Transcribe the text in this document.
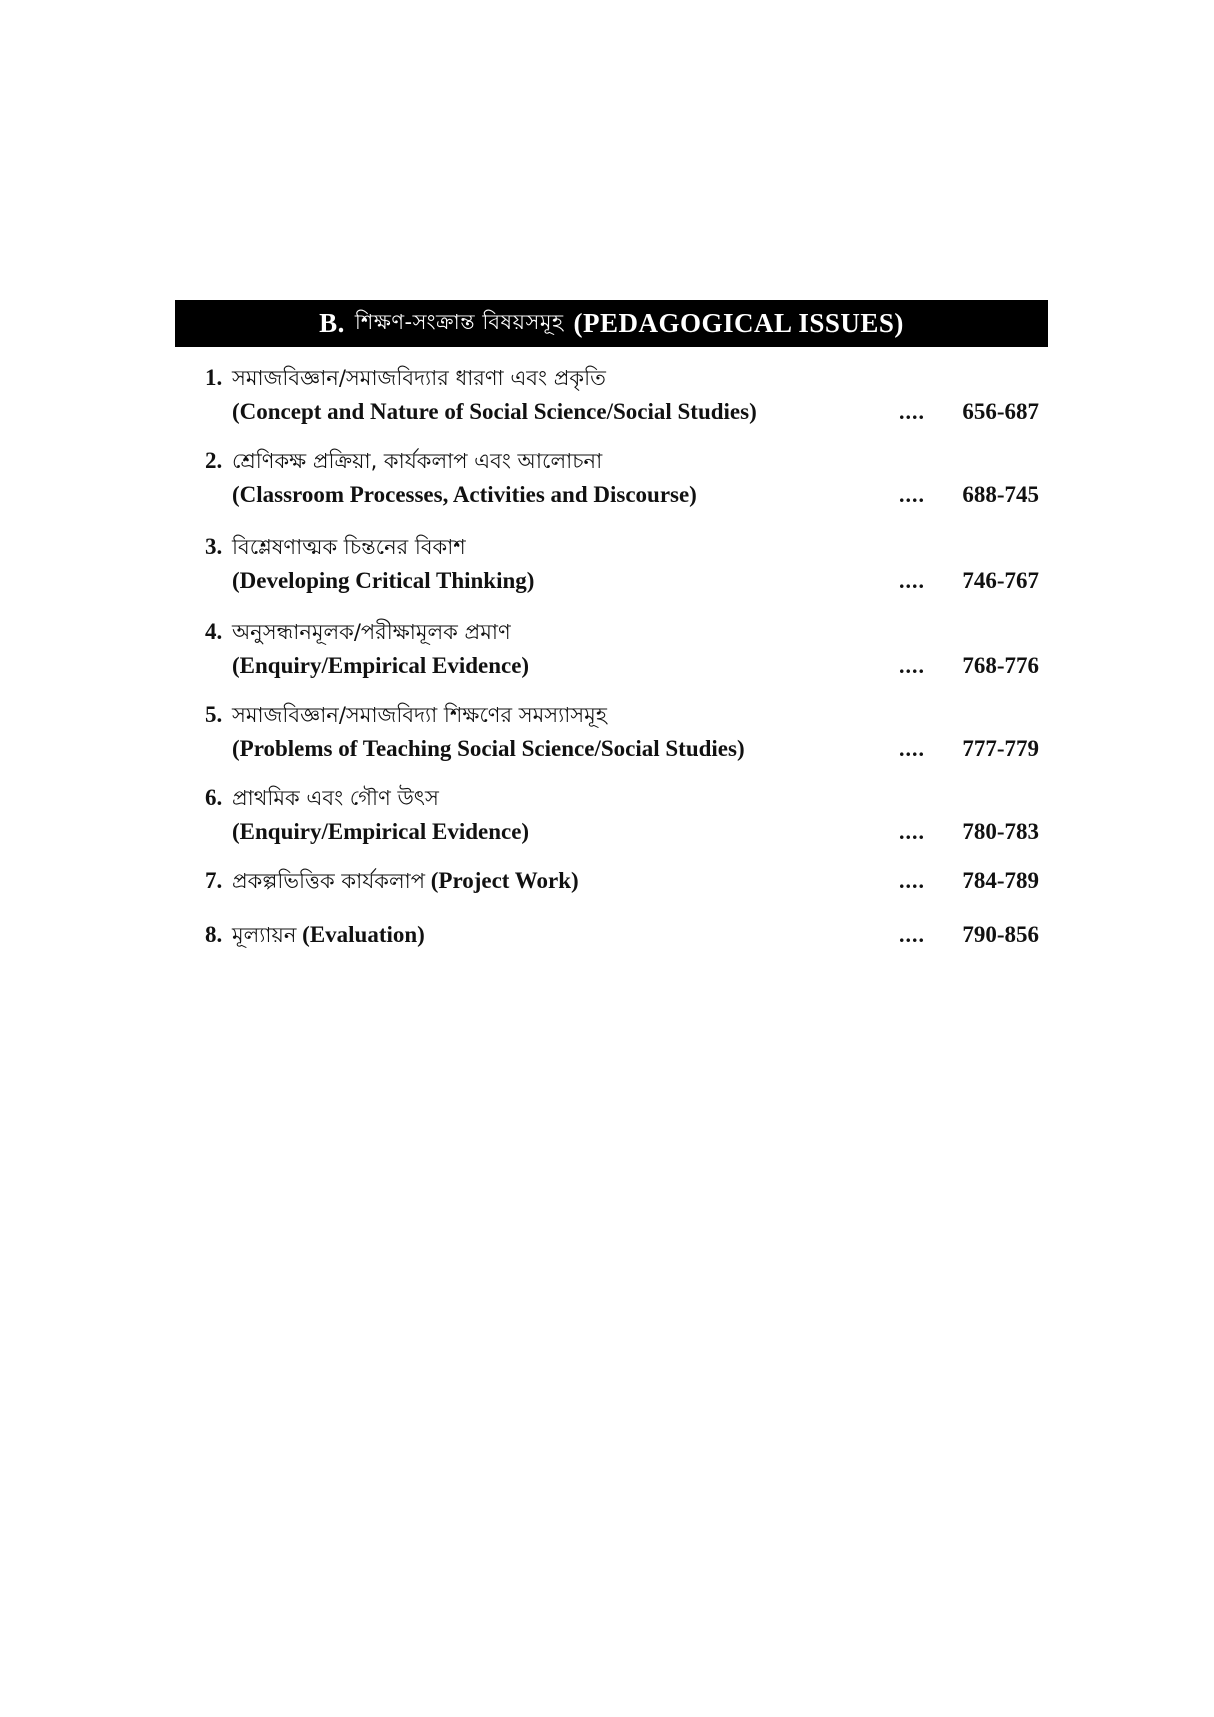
B. শিক্ষণ-সংক্রান্ত বিষয়সমূহ (PEDAGOGICAL ISSUES)
1. সমাজবিজ্ঞান/সমাজবিদ্যার ধারণা এবং প্রকৃতি
(Concept and Nature of Social Science/Social Studies)	.... 656-687
2. শ্রেণিকক্ষ প্রক্রিয়া, কার্যকলাপ এবং আলোচনা
(Classroom Processes, Activities and Discourse)	.... 688-745
3. বিশ্লেষণাত্মক চিন্তনের বিকাশ
(Developing Critical Thinking)	.... 746-767
4. অনুসন্ধানমূলক/পরীক্ষামূলক প্রমাণ
(Enquiry/Empirical Evidence)	.... 768-776
5. সমাজবিজ্ঞান/সমাজবিদ্যা শিক্ষণের সমস্যাসমূহ
(Problems of Teaching Social Science/Social Studies)	.... 777-779
6. প্রাথমিক এবং গৌণ উৎস
(Enquiry/Empirical Evidence)	.... 780-783
7. প্রকল্পভিত্তিক কার্যকলাপ (Project Work)	.... 784-789
8. মূল্যায়ন (Evaluation)	.... 790-856
